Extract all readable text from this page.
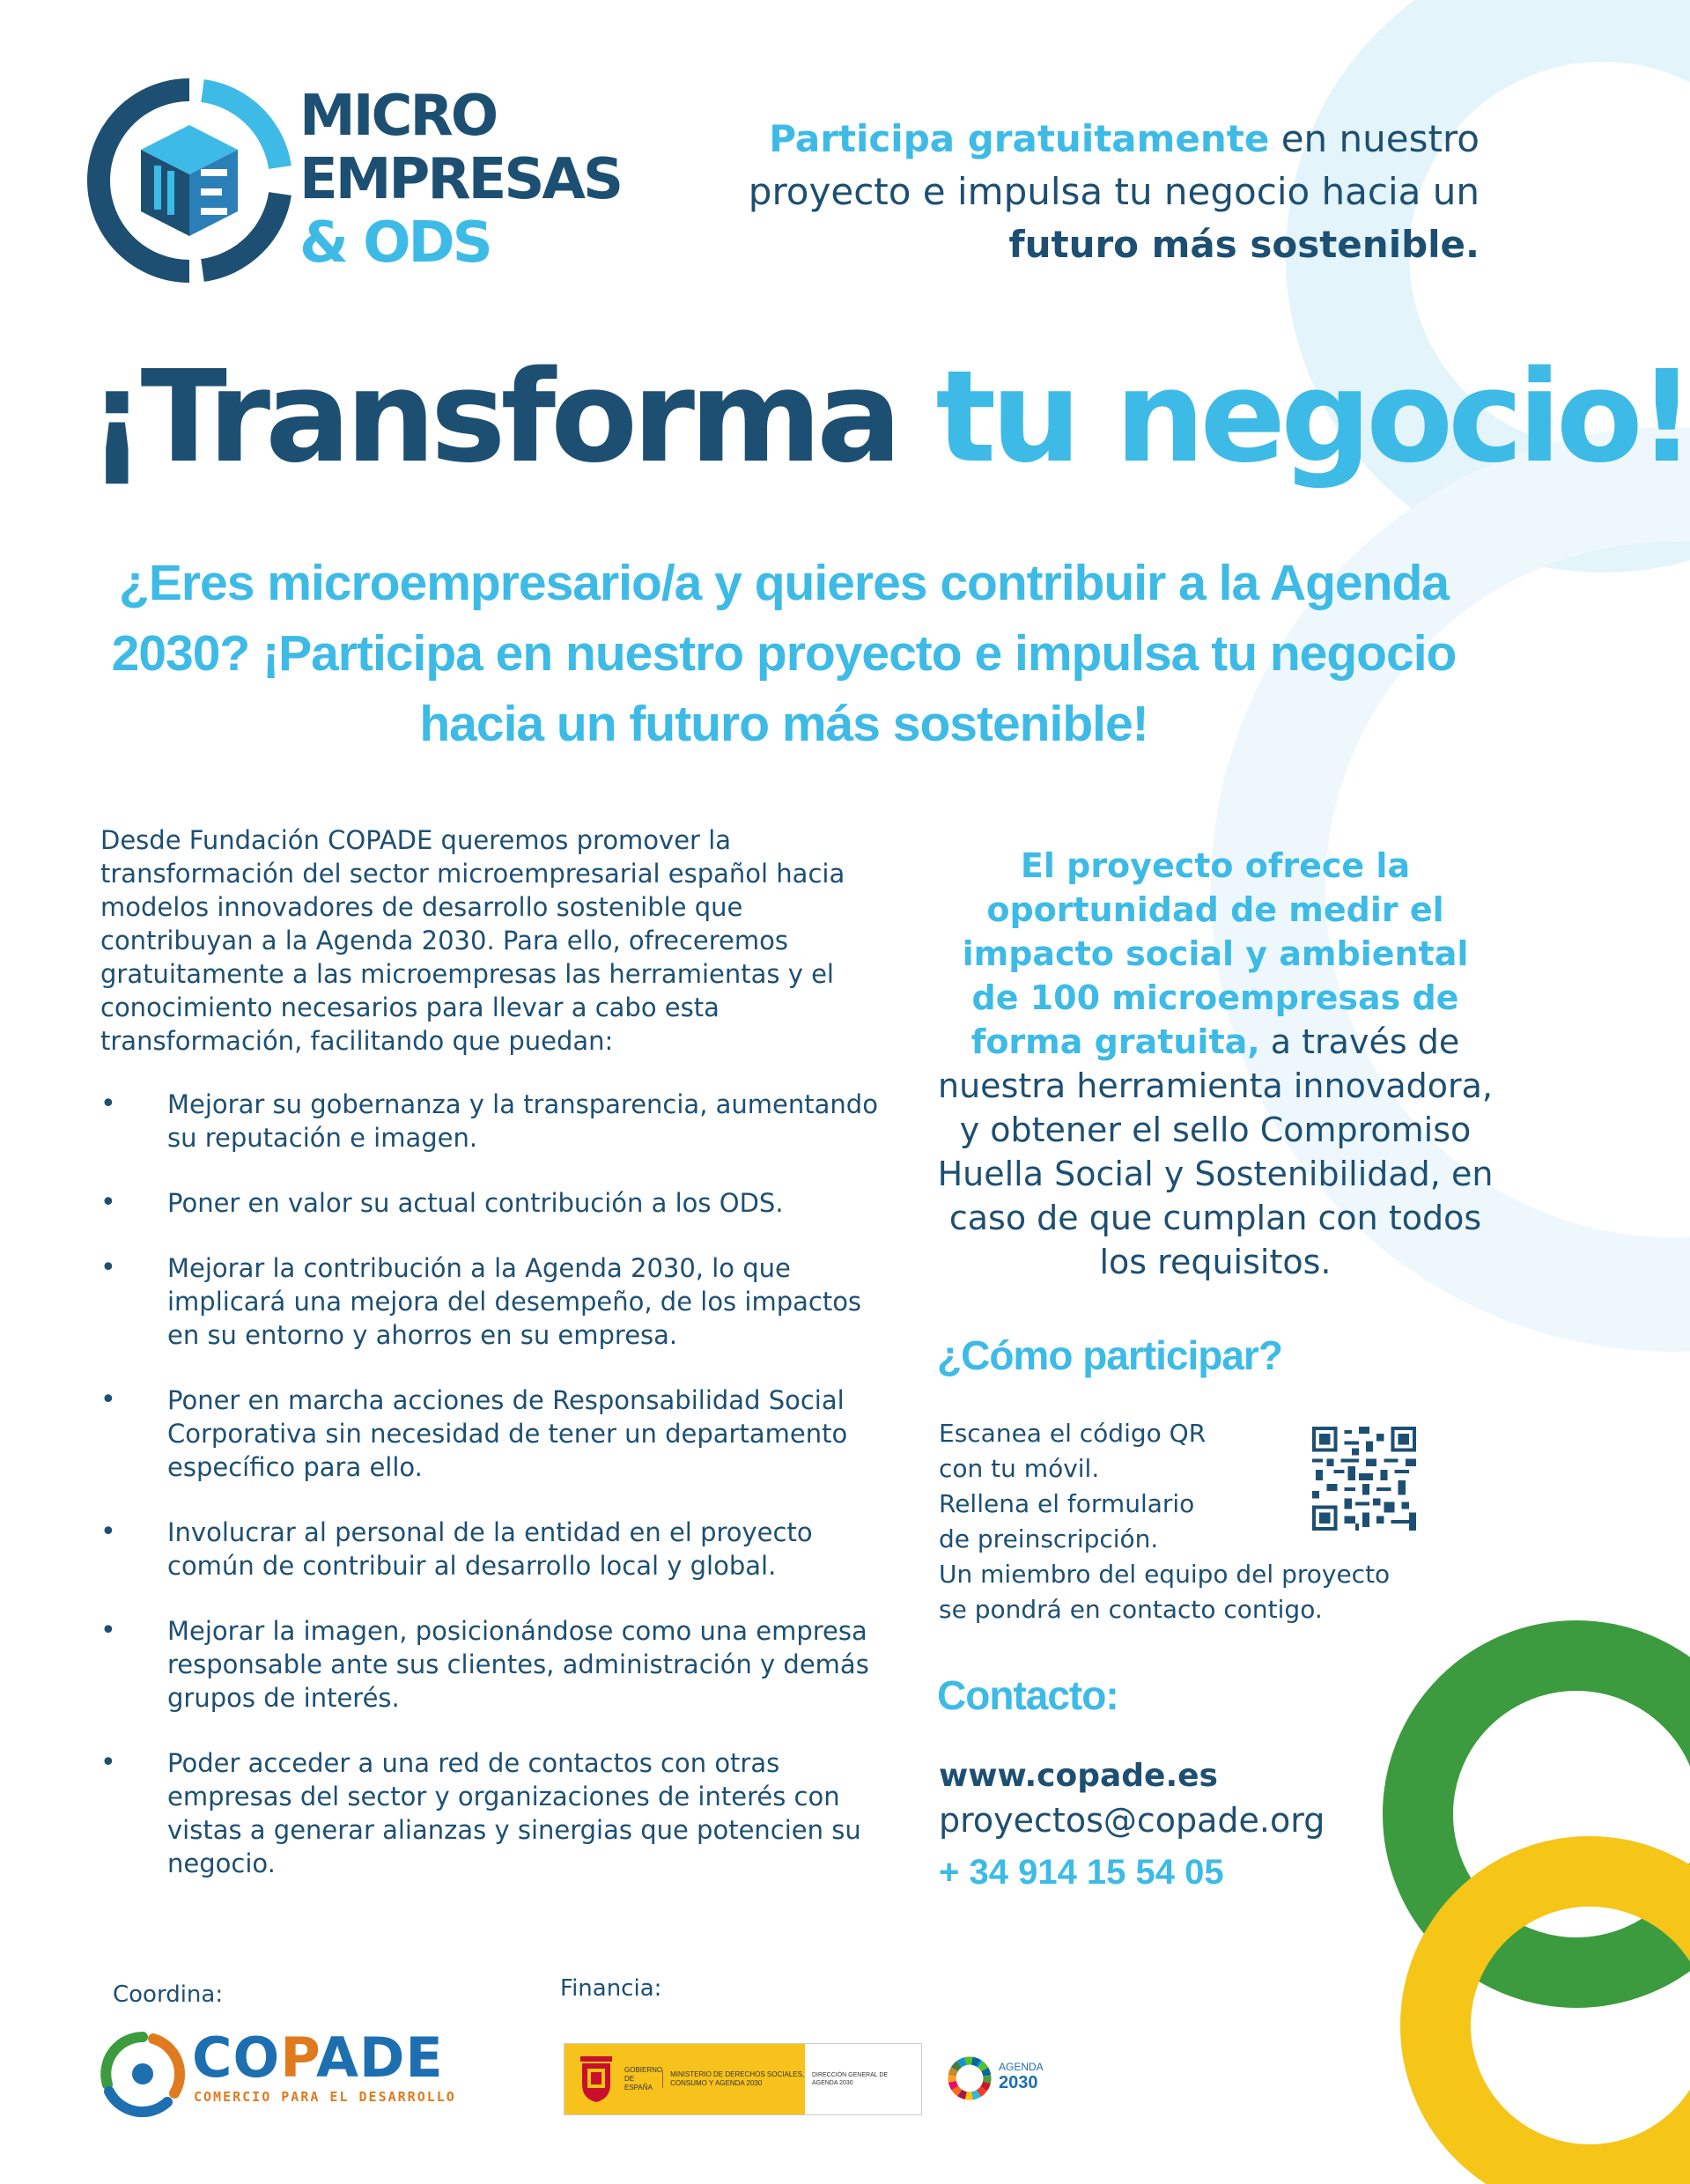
MICRO
EMPRESAS
& ODS
Participa gratuitamente en nuestro proyecto e impulsa tu negocio hacia un futuro más sostenible.
¡Transforma tu negocio!
¿Eres microempresario/a y quieres contribuir a la Agenda 2030? ¡Participa en nuestro proyecto e impulsa tu negocio hacia un futuro más sostenible!
Desde Fundación COPADE queremos promover la transformación del sector microempresarial español hacia modelos innovadores de desarrollo sostenible que contribuyan a la Agenda 2030. Para ello, ofreceremos gratuitamente a las microempresas las herramientas y el conocimiento necesarios para llevar a cabo esta transformación, facilitando que puedan:
• Mejorar su gobernanza y la transparencia, aumentando su reputación e imagen.
• Poner en valor su actual contribución a los ODS.
• Mejorar la contribución a la Agenda 2030, lo que implicará una mejora del desempeño, de los impactos en su entorno y ahorros en su empresa.
• Poner en marcha acciones de Responsabilidad Social Corporativa sin necesidad de tener un departamento específico para ello.
• Involucrar al personal de la entidad en el proyecto común de contribuir al desarrollo local y global.
• Mejorar la imagen, posicionándose como una empresa responsable ante sus clientes, administración y demás grupos de interés.
• Poder acceder a una red de contactos con otras empresas del sector y organizaciones de interés con vistas a generar alianzas y sinergias que potencien su negocio.
El proyecto ofrece la oportunidad de medir el impacto social y ambiental de 100 microempresas de forma gratuita, a través de nuestra herramienta innovadora, y obtener el sello Compromiso Huella Social y Sostenibilidad, en caso de que cumplan con todos los requisitos.
¿Cómo participar?
Escanea el código QR
con tu móvil.
Rellena el formulario
de preinscripción.
Un miembro del equipo del proyecto
se pondrá en contacto contigo.
Contacto:
www.copade.es
proyectos@copade.org
+ 34 914 15 54 05
Coordina:	Financia:
COPADE
COMERCIO PARA EL DESARROLLO
GOBIERNO DE ESPAÑA
MINISTERIO DE DERECHOS SOCIALES, CONSUMO Y AGENDA 2030
DIRECCIÓN GENERAL DE AGENDA 2030
AGENDA
2030
